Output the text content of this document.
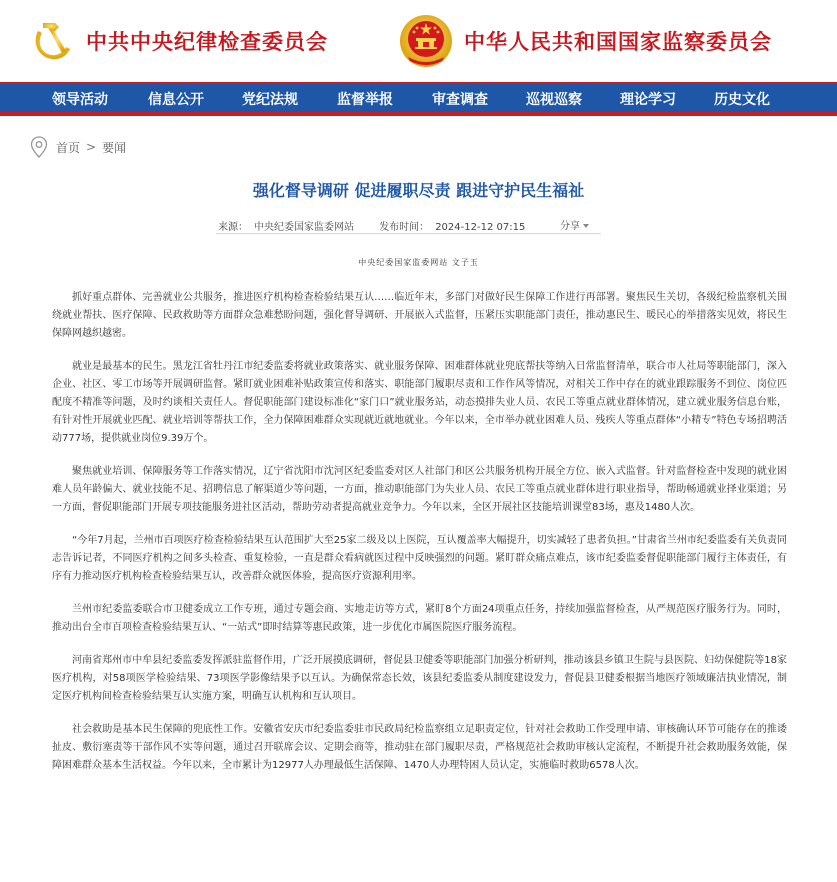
中共中央纪律检查委员会	中华人民共和国国家监察委员会
领导活动	信息公开	党纪法规	监督举报	审查调查	巡视巡察	理论学习	历史文化
首页 > 要闻
强化督导调研 促进履职尽责 跟进守护民生福祉
来源： 中央纪委国家监委网站	发布时间： 2024-12-12 07:15	分享
中央纪委国家监委网站 文子玉

抓好重点群体、完善就业公共服务，推进医疗机构检查检验结果互认……临近年末，多部门对做好民生保障工作进行再部署。聚焦民生关切，各级纪检监察机关围绕就业帮扶、医疗保障、民政救助等方面群众急难愁盼问题，强化督导调研、开展嵌入式监督，压紧压实职能部门责任，推动惠民生、暖民心的举措落实见效，将民生保障网越织越密。

就业是最基本的民生。黑龙江省牡丹江市纪委监委将就业政策落实、就业服务保障、困难群体就业兜底帮扶等纳入日常监督清单，联合市人社局等职能部门，深入企业、社区、零工市场等开展调研监督。紧盯就业困难补贴政策宣传和落实、职能部门履职尽责和工作作风等情况，对相关工作中存在的就业跟踪服务不到位、岗位匹配度不精准等问题，及时约谈相关责任人。督促职能部门建设标准化“家门口”就业服务站，动态摸排失业人员、农民工等重点就业群体情况，建立就业服务信息台账，有针对性开展就业匹配、就业培训等帮扶工作，全力保障困难群众实现就近就地就业。今年以来，全市举办就业困难人员、残疾人等重点群体“小精专”特色专场招聘活动777场，提供就业岗位9.39万个。

聚焦就业培训、保障服务等工作落实情况，辽宁省沈阳市沈河区纪委监委对区人社部门和区公共服务机构开展全方位、嵌入式监督。针对监督检查中发现的就业困难人员年龄偏大、就业技能不足、招聘信息了解渠道少等问题，一方面，推动职能部门为失业人员、农民工等重点就业群体进行职业指导，帮助畅通就业择业渠道；另一方面，督促职能部门开展专项技能服务进社区活动，帮助劳动者提高就业竞争力。今年以来，全区开展社区技能培训课堂83场，惠及1480人次。

“今年7月起，兰州市百项医疗检查检验结果互认范围扩大至25家二级及以上医院，互认覆盖率大幅提升，切实减轻了患者负担。”甘肃省兰州市纪委监委有关负责同志告诉记者，不同医疗机构之间多头检查、重复检验，一直是群众看病就医过程中反映强烈的问题。紧盯群众痛点难点，该市纪委监委督促职能部门履行主体责任，有序有力推动医疗机构检查检验结果互认，改善群众就医体验，提高医疗资源利用率。

兰州市纪委监委联合市卫健委成立工作专班，通过专题会商、实地走访等方式，紧盯8个方面24项重点任务，持续加强监督检查，从严规范医疗服务行为。同时，推动出台全市百项检查检验结果互认、“一站式”即时结算等惠民政策，进一步优化市属医院医疗服务流程。

河南省郑州市中牟县纪委监委发挥派驻监督作用，广泛开展摸底调研，督促县卫健委等职能部门加强分析研判，推动该县乡镇卫生院与县医院、妇幼保健院等18家医疗机构，对58项医学检验结果、73项医学影像结果予以互认。为确保常态长效，该县纪委监委从制度建设发力，督促县卫健委根据当地医疗领域廉洁执业情况，制定医疗机构间检查检验结果互认实施方案，明确互认机构和互认项目。

社会救助是基本民生保障的兜底性工作。安徽省安庆市纪委监委驻市民政局纪检监察组立足职责定位，针对社会救助工作受理申请、审核确认环节可能存在的推诿扯皮、敷衍塞责等干部作风不实等问题，通过召开联席会议、定期会商等，推动驻在部门履职尽责，严格规范社会救助审核认定流程，不断提升社会救助服务效能，保障困难群众基本生活权益。今年以来，全市累计为12977人办理最低生活保障、1470人办理特困人员认定，实施临时救助6578人次。
